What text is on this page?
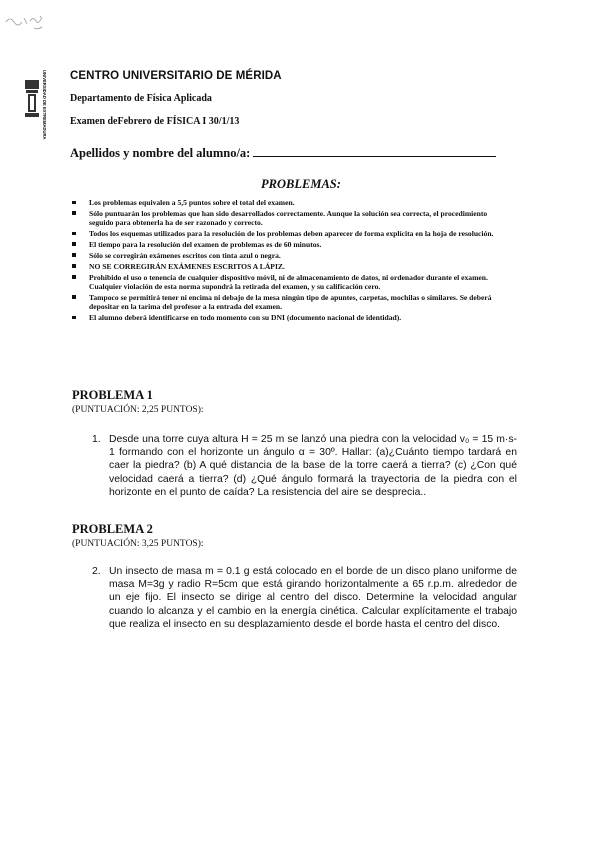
UNIVERSIDAD DE EXTREMADURA CENTRO UNIVERSITARIO DE MÉRIDA
Departamento de Física Aplicada
Examen deFebrero de FÍSICA I 30/1/13
Apellidos y nombre del alumno/a:
PROBLEMAS:
Los problemas equivalen a 5,5 puntos sobre el total del examen.
Sólo puntuarán los problemas que han sido desarrollados correctamente. Aunque la solución sea correcta, el procedimiento seguido para obtenerla ha de ser razonado y correcto.
Todos los esquemas utilizados para la resolución de los problemas deben aparecer de forma explícita en la hoja de resolución.
El tiempo para la resolución del examen de problemas es de 60 minutos.
Sólo se corregirán exámenes escritos con tinta azul o negra.
NO SE CORREGIRÁN EXÁMENES ESCRITOS A LÁPIZ.
Prohibido el uso o tenencia de cualquier dispositivo móvil, ni de almacenamiento de datos, ni ordenador durante el examen. Cualquier violación de esta norma supondrá la retirada del examen, y su calificación cero.
Tampoco se permitirá tener ni encima ni debajo de la mesa ningún tipo de apuntes, carpetas, mochilas o similares. Se deberá depositar en la tarima del profesor a la entrada del examen.
El alumno deberá identificarse en todo momento con su DNI (documento nacional de identidad).
PROBLEMA 1
(PUNTUACIÓN: 2,25 PUNTOS):
1. Desde una torre cuya altura H = 25 m se lanzó una piedra con la velocidad v₀ = 15 m·s-1 formando con el horizonte un ángulo α = 30º. Hallar: (a)¿Cuánto tiempo tardará en caer la piedra? (b) A qué distancia de la base de la torre caerá a tierra? (c) ¿Con qué velocidad caerá a tierra? (d) ¿Qué ángulo formará la trayectoria de la piedra con el horizonte en el punto de caída? La resistencia del aire se desprecia..
PROBLEMA 2
(PUNTUACIÓN: 3,25 PUNTOS):
2. Un insecto de masa m = 0.1 g está colocado en el borde de un disco plano uniforme de masa M=3g y radio R=5cm que está girando horizontalmente a 65 r.p.m. alrededor de un eje fijo. El insecto se dirige al centro del disco. Determine la velocidad angular cuando lo alcanza y el cambio en la energía cinética. Calcular explícitamente el trabajo que realiza el insecto en su desplazamiento desde el borde hasta el centro del disco.
